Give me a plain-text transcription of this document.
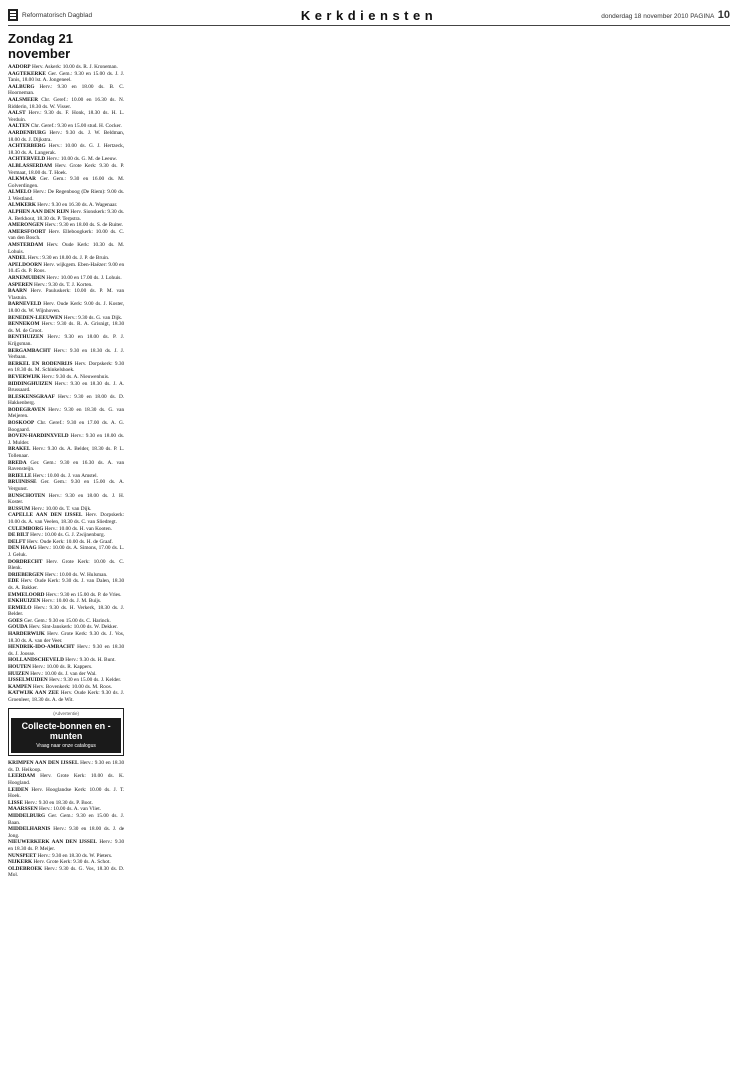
Reformatorisch Dagblad	Kerkdiensten	donderdag 18 november 2010 PAGINA 10
Zondag 21 november

AADORP Herv. Askerk: 10.00 ds. R. J. Kroneman.

AAGTEKERKE Ger. Gem.: 9.30 en 15.00 ds. J. J. Tanis, 18.00 lst. A. Jongeneel.

AALBURG Herv.: 9.30 en 18.00 ds. B. C. Hoorneman.

AALSMEER Chr. Geref.: 10.00 en 16.30 ds. N. Ridderin, 18.30 ds. W. Visser.

AALST Herv.: 9.30 ds. F. Honk, 18.30 ds. H. L. Verduin.

AALTEN Chr. Geref.: 9.30 en 15.00 stud. H. Cocker.

AARDENBURG Herv.: 9.30 ds. J. W. Beldman, 18.00 ds. J. Dijkstra.

ACHTERBERG Herv.: 10.00 ds. G. J. Hertzeck, 18.30 ds. A. Langerak.

ACHTERVELD Herv.: 10.00 ds. G. M. de Leeuw.

ALBLASSERDAM Herv. Grote Kerk: 9.30 ds. P. Vermaat, 18.00 ds. T. Hoek.

ALKMAAR Ger. Gem.: 9.30 en 16.00 ds. M. Golverdingen.

ALMELO Herv.: De Regenboog (De Riem): 9.00 ds. J. Westland.

ALMKERK Herv.: 9.30 en 16.30 ds. A. Wagenaar.

ALPHEN AAN DEN RIJN Herv. Sionskerk: 9.30 ds. A. Berkhout, 18.30 ds. P. Terpstra.

AMERONGEN Herv.: 9.30 en 18.00 ds. S. de Ruiter.

AMERSFOORT Herv. Elleboogkerk: 10.00 ds. C. van den Bosch.

AMSTERDAM Herv. Oude Kerk: 10.30 ds. M. Lohuis.

ANDEL Herv.: 9.30 en 18.00 ds. J. P. de Bruin.

APELDOORN Herv. wijkgem. Eben-Haëzer: 9.00 en 10.45 ds. P. Roos.

ARNEMUIDEN Herv.: 10.00 en 17.00 ds. J. Lohuis.

ASPEREN Herv.: 9.30 ds. T. J. Korten.

BAARN Herv. Pauluskerk: 10.00 ds. P. M. van Vlastuin.

BARNEVELD Herv. Oude Kerk: 9.00 ds. J. Koster, 18.00 ds. W. Wijnhoven.

BENEDEN-LEEUWEN Herv.: 9.30 ds. G. van Dijk.

BENNEKOM Herv.: 9.30 ds. R. A. Grisnigt, 18.30 ds. M. de Groot.

BENTHUIZEN Herv.: 9.30 en 18.00 ds. P. J. Krijgsman.

BERGAMBACHT Herv.: 9.30 en 18.30 ds. J. J. Verbaan.

BERKEL EN RODENRIJS Herv. Dorpskerk: 9.30 en 18.30 ds. M. Schinkelshoek.

BEVERWIJK Herv.: 9.30 ds. A. Nieuwenhuis.

BIDDINGHUIZEN Herv.: 9.30 en 18.30 ds. J. A. Brussaard.

BLESKENSGRAAF Herv.: 9.30 en 18.00 ds. D. Hakkenberg.

BODEGRAVEN Herv.: 9.30 en 18.30 ds. G. van Meijeren.

BOSKOOP Chr. Geref.: 9.30 en 17.00 ds. A. G. Boogaard.

BOVEN-HARDINXVELD Herv.: 9.30 en 18.00 ds. J. Mulder.

BRAKEL Herv.: 9.30 ds. A. Belder, 18.30 ds. P. L. Tollenaar.

BREDA Ger. Gem.: 9.30 en 16.30 ds. A. van Ravensteijn.

BRIELLE Herv.: 10.00 ds. J. van Amstel.

BRUINISSE Ger. Gem.: 9.30 en 15.00 ds. A. Vergunst.

BUNSCHOTEN Herv.: 9.30 en 18.00 ds. J. H. Koster.

BUSSUM Herv.: 10.00 ds. T. van Dijk.

CAPELLE AAN DEN IJSSEL Herv. Dorpskerk: 10.00 ds. A. van Veelen, 18.30 ds. C. van Sliedregt.

CULEMBORG Herv.: 10.00 ds. H. van Kooten.

DE BILT Herv.: 10.00 ds. G. J. Zwijnenburg.

DELFT Herv. Oude Kerk: 10.00 ds. H. de Graaf.

DEN HAAG Herv.: 10.00 ds. A. Simons, 17.00 ds. L. J. Geluk.

DORDRECHT Herv. Grote Kerk: 10.00 ds. C. Blenk.

DRIEBERGEN Herv.: 10.00 ds. W. Hulsman.

EDE Herv. Oude Kerk: 9.30 ds. J. van Dalen, 18.30 ds. A. Bakker.

EMMELOORD Herv.: 9.30 en 15.00 ds. P. de Vries.

ENKHUIZEN Herv.: 10.00 ds. J. M. Buijs.

ERMELO Herv.: 9.30 ds. H. Verkerk, 18.30 ds. J. Belder.

GOES Ger. Gem.: 9.30 en 15.00 ds. C. Harinck.

GOUDA Herv. Sint-Janskerk: 10.00 ds. W. Dekker.

HARDERWIJK Herv. Grote Kerk: 9.30 ds. J. Vos, 18.30 ds. A. van der Veer.

HENDRIK-IDO-AMBACHT Herv.: 9.30 en 18.30 ds. J. Joosse.

HOLLANDSCHEVELD Herv.: 9.30 ds. H. Bunt.

HOUTEN Herv.: 10.00 ds. R. Kappers.

HUIZEN Herv.: 10.00 ds. J. van der Wal.

IJSSELMUIDEN Herv.: 9.30 en 15.00 ds. J. Kelder.

KAMPEN Herv. Bovenkerk: 10.00 ds. M. Roos.

KATWIJK AAN ZEE Herv. Oude Kerk: 9.30 ds. J. Groenleer, 18.30 ds. A. de Wit.

(Advertentie)
Collecte-bonnen en -munten
Vraag naar onze catalogus

KRIMPEN AAN DEN IJSSEL Herv.: 9.30 en 18.30 ds. D. Heikoop.

LEERDAM Herv. Grote Kerk: 10.00 ds. K. Hoogland.

LEIDEN Herv. Hooglandse Kerk: 10.00 ds. J. T. Hoek.

LISSE Herv.: 9.30 en 18.30 ds. P. Boot.

MAARSSEN Herv.: 10.00 ds. A. van Vliet.

MIDDELBURG Ger. Gem.: 9.30 en 15.00 ds. J. Baan.

MIDDELHARNIS Herv.: 9.30 en 18.00 ds. J. de Jong.

NIEUWERKERK AAN DEN IJSSEL Herv.: 9.30 en 18.30 ds. P. Meijer.

NUNSPEET Herv.: 9.30 en 18.30 ds. W. Pieters.

NIJKERK Herv. Grote Kerk: 9.30 ds. A. Schot.

OLDEBROEK Herv.: 9.30 ds. G. Vos, 18.30 ds. D. Mol.
